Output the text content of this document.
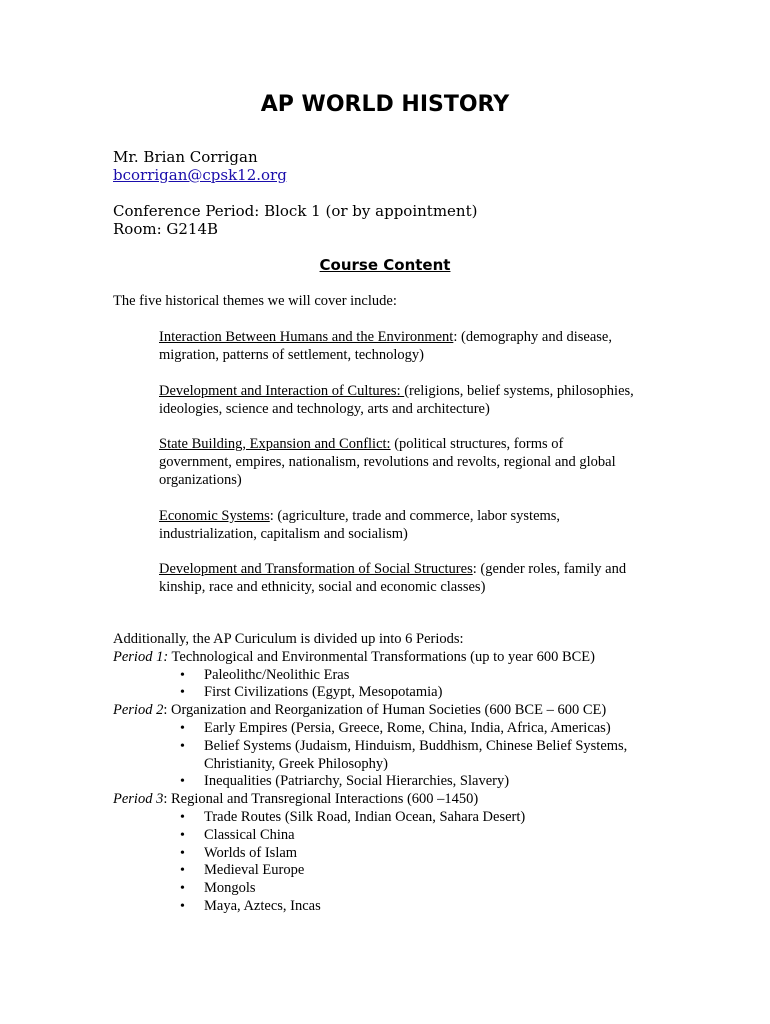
AP WORLD HISTORY
Mr. Brian Corrigan
bcorrigan@cpsk12.org
Conference Period: Block 1 (or by appointment)
Room: G214B
Course Content
The five historical themes we will cover include:
Interaction Between Humans and the Environment: (demography and disease, migration, patterns of settlement, technology)
Development and Interaction of Cultures: (religions, belief systems, philosophies, ideologies, science and technology, arts and architecture)
State Building, Expansion and Conflict: (political structures, forms of government, empires, nationalism, revolutions and revolts, regional and global organizations)
Economic Systems: (agriculture, trade and commerce, labor systems, industrialization, capitalism and socialism)
Development and Transformation of Social Structures: (gender roles, family and kinship, race and ethnicity, social and economic classes)
Additionally, the AP Curiculum is divided up into 6 Periods:
Period 1: Technological and Environmental Transformations (up to year 600 BCE)
• Paleolithc/Neolithic Eras
• First Civilizations (Egypt, Mesopotamia)
Period 2: Organization and Reorganization of Human Societies (600 BCE – 600 CE)
• Early Empires (Persia, Greece, Rome, China, India, Africa, Americas)
• Belief Systems (Judaism, Hinduism, Buddhism, Chinese Belief Systems, Christianity, Greek Philosophy)
• Inequalities (Patriarchy, Social Hierarchies, Slavery)
Period 3: Regional and Transregional Interactions (600 –1450)
• Trade Routes (Silk Road, Indian Ocean, Sahara Desert)
• Classical China
• Worlds of Islam
• Medieval Europe
• Mongols
• Maya, Aztecs, Incas
